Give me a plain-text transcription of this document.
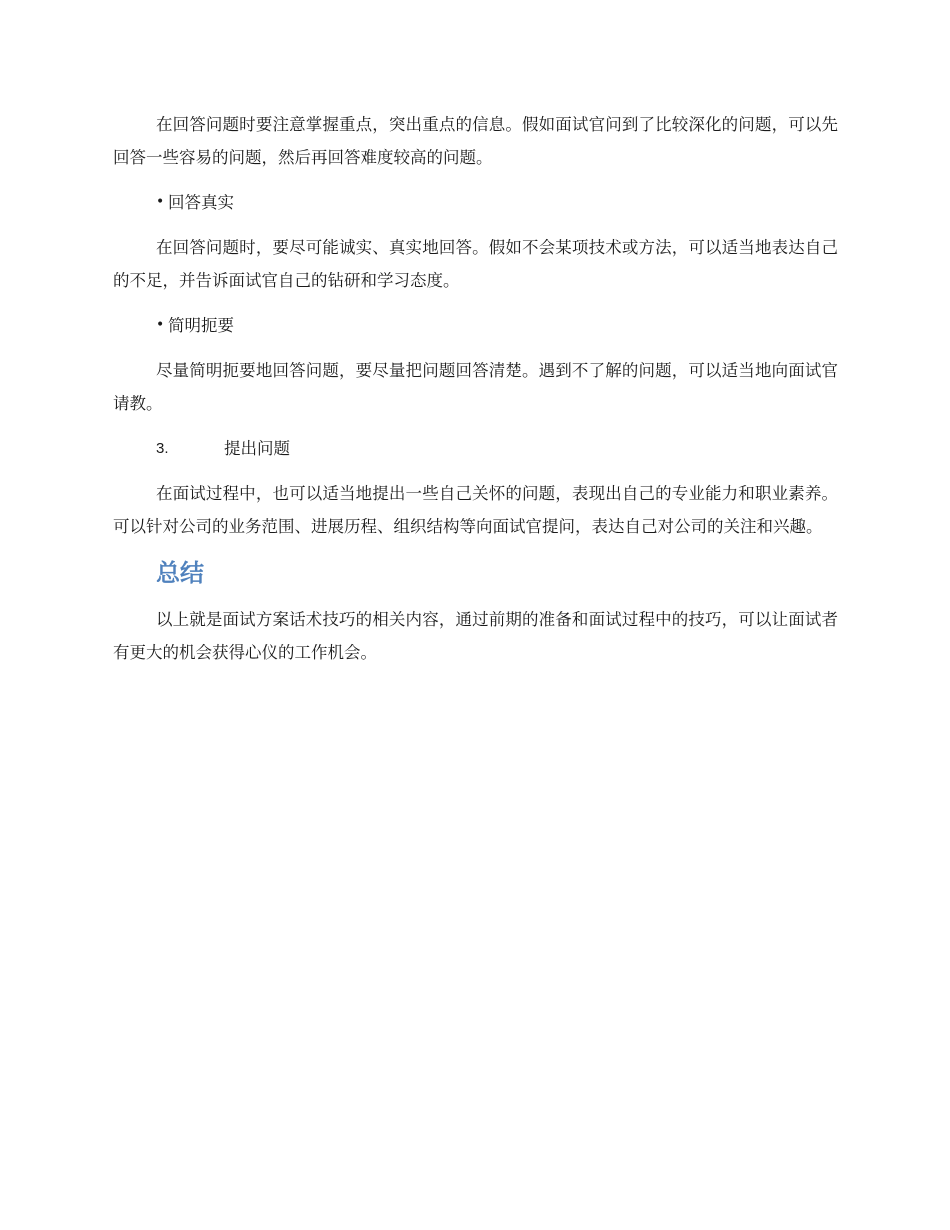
在回答问题时要注意掌握重点，突出重点的信息。假如面试官问到了比较深化的问题，可以先回答一些容易的问题，然后再回答难度较高的问题。

• 回答真实

在回答问题时，要尽可能诚实、真实地回答。假如不会某项技术或方法，可以适当地表达自己的不足，并告诉面试官自己的钻研和学习态度。

• 简明扼要

尽量简明扼要地回答问题，要尽量把问题回答清楚。遇到不了解的问题，可以适当地向面试官请教。

3.	提出问题

在面试过程中，也可以适当地提出一些自己关怀的问题，表现出自己的专业能力和职业素养。可以针对公司的业务范围、进展历程、组织结构等向面试官提问，表达自己对公司的关注和兴趣。

总结

以上就是面试方案话术技巧的相关内容，通过前期的准备和面试过程中的技巧，可以让面试者有更大的机会获得心仪的工作机会。
